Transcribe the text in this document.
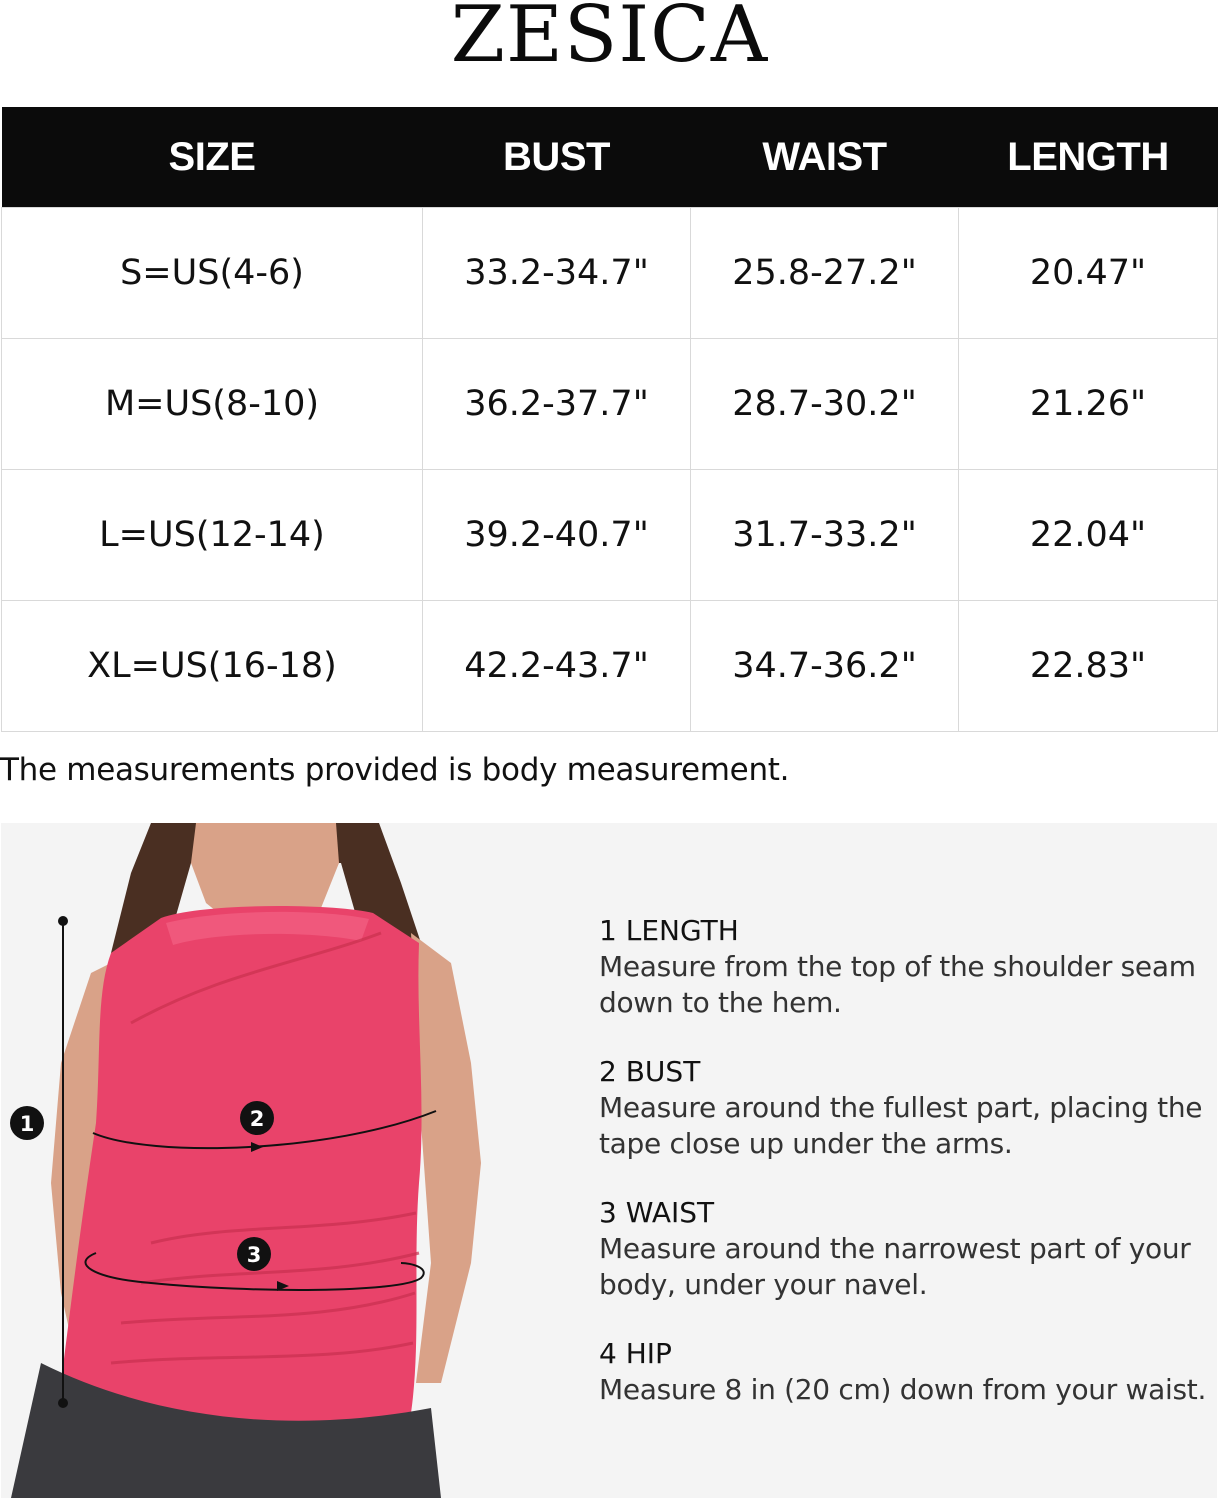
ZESICA
SIZE	BUST	WAIST	LENGTH
S=US(4-6)	33.2-34.7"	25.8-27.2"	20.47"
M=US(8-10)	36.2-37.7"	28.7-30.2"	21.26"
L=US(12-14)	39.2-40.7"	31.7-33.2"	22.04"
XL=US(16-18)	42.2-43.7"	34.7-36.2"	22.83"
The measurements provided is body measurement.
1	2
3
1 LENGTH
Measure from the top of the shoulder seam down to the hem.
2 BUST
Measure around the fullest part, placing the tape close up under the arms.
3 WAIST
Measure around the narrowest part of your body, under your navel.
4 HIP
Measure 8 in (20 cm) down from your waist.
